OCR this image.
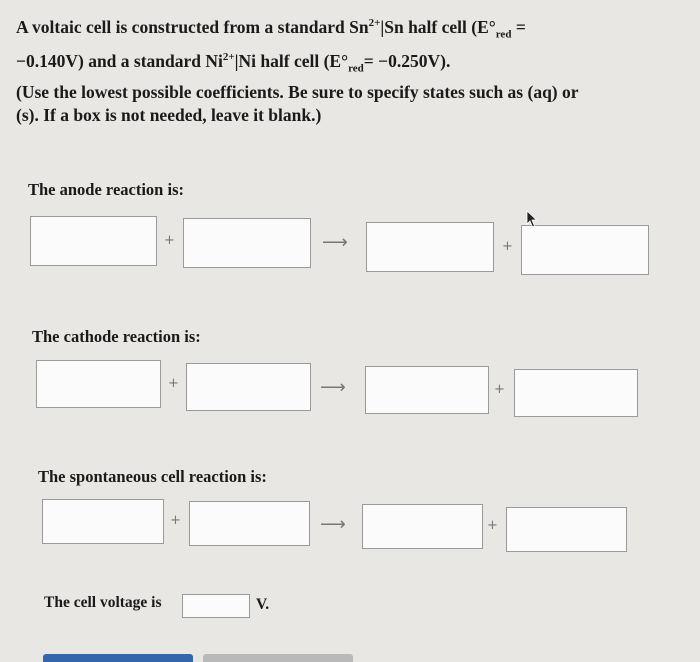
A voltaic cell is constructed from a standard $Sn^{2+}|Sn$ half cell ($E^\circ_{red}$ =
−0.140V) and a standard $Ni^{2+}|Ni$ half cell $(E^\circ_{red}= -0.250V)$.
(Use the lowest possible coefficients. Be sure to specify states such as (aq) or
(s). If a box is not needed, leave it blank.)
The anode reaction is:
+	⟶	+
The cathode reaction is:
+	⟶	+
The spontaneous cell reaction is:
+	⟶	+
The cell voltage is	V.
